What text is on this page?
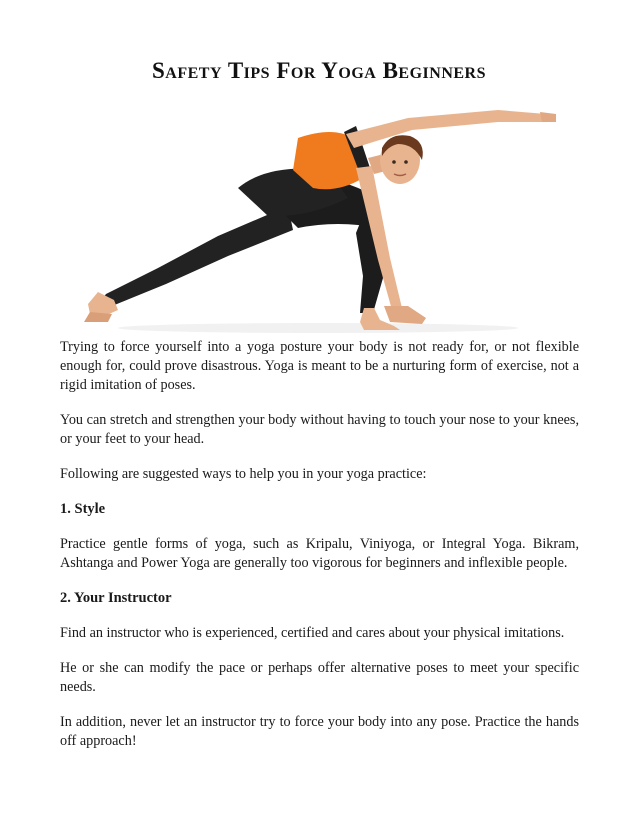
Safety Tips For Yoga Beginners

Trying to force yourself into a yoga posture your body is not ready for, or not flexible enough for, could prove disastrous. Yoga is meant to be a nurturing form of exercise, not a rigid imitation of poses.

You can stretch and strengthen your body without having to touch your nose to your knees, or your feet to your head.

Following are suggested ways to help you in your yoga practice:

1. Style

Practice gentle forms of yoga, such as Kripalu, Viniyoga, or Integral Yoga. Bikram, Ashtanga and Power Yoga are generally too vigorous for beginners and inflexible people.

2. Your Instructor

Find an instructor who is experienced, certified and cares about your physical imitations.

He or she can modify the pace or perhaps offer alternative poses to meet your specific needs.

In addition, never let an instructor try to force your body into any pose. Practice the hands off approach!
